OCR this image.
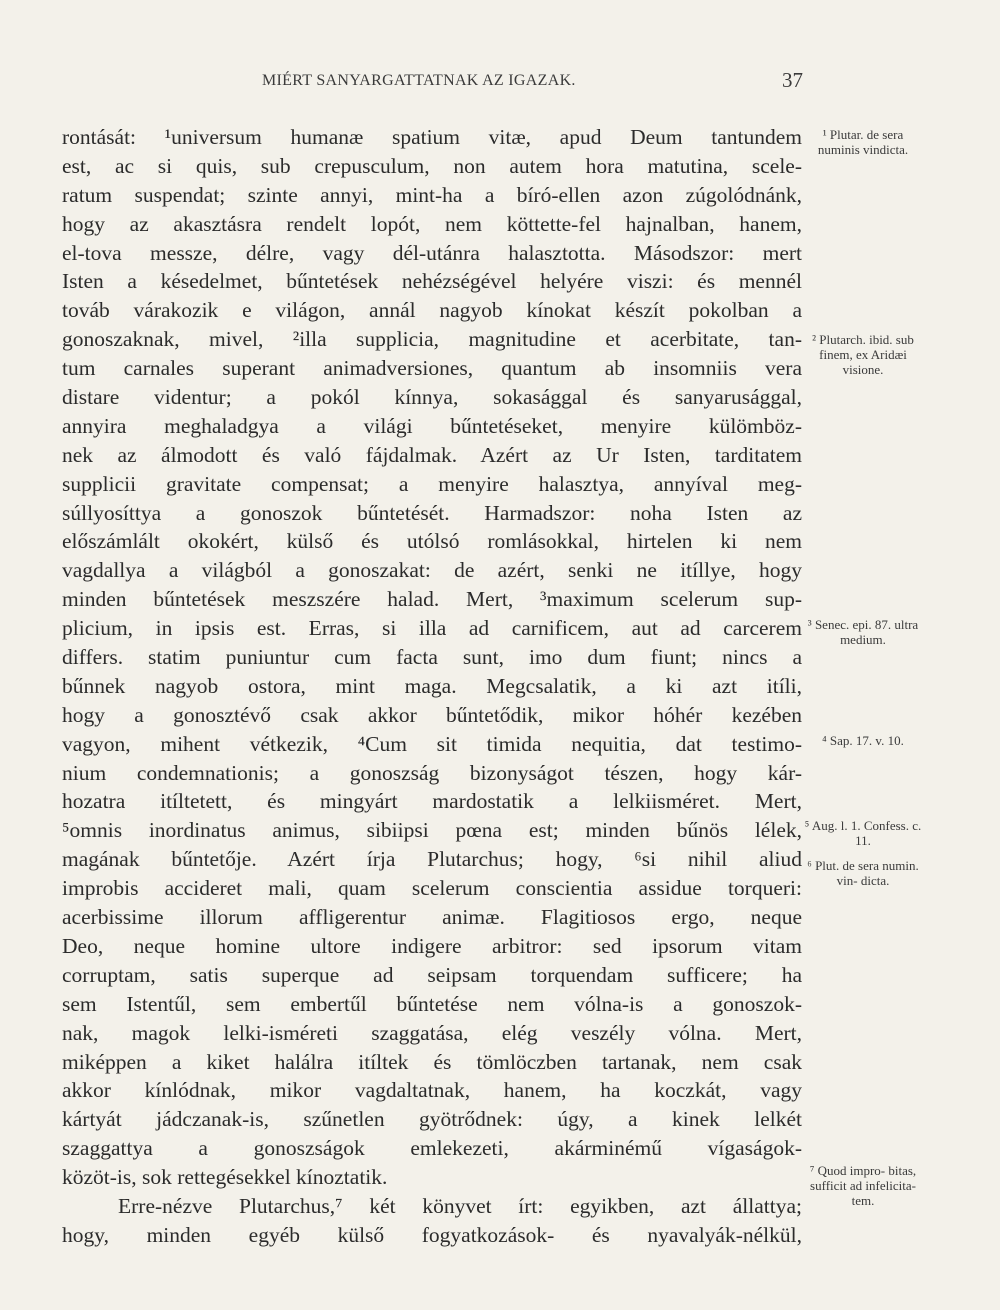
MIÉRT SANYARGATTATNAK AZ IGAZAK.	37
rontását: ¹universum humanæ spatium vitæ, apud Deum tantundem
est, ac si quis, sub crepusculum, non autem hora matutina, scele-
ratum suspendat; szinte annyi, mint-ha a bíró-ellen azon zúgolódnánk,
hogy az akasztásra rendelt lopót, nem köttette-fel hajnalban, hanem,
el-tova messze, délre, vagy dél-utánra halasztotta. Másodszor: mert
Isten a késedelmet, bűntetések nehézségével helyére viszi: és mennél
továb várakozik e világon, annál nagyob kínokat készít pokolban a
gonoszaknak, mivel, ²illa supplicia, magnitudine et acerbitate, tan-
tum carnales superant animadversiones, quantum ab insomniis vera
distare videntur; a pokól kínnya, sokasággal és sanyarusággal,
annyira meghaladgya a világi bűntetéseket, menyire külömböz-
nek az álmodott és való fájdalmak. Azért az Ur Isten, tarditatem
supplicii gravitate compensat; a menyire halasztya, annyíval meg-
súllyosíttya a gonoszok bűntetését. Harmadszor: noha Isten az
előszámlált okokért, külső és utólsó romlásokkal, hirtelen ki nem
vagdallya a világból a gonoszakat: de azért, senki ne itíllye, hogy
minden bűntetések meszszére halad. Mert, ³maximum scelerum sup-
plicium, in ipsis est. Erras, si illa ad carnificem, aut ad carcerem
differs. statim puniuntur cum facta sunt, imo dum fiunt; nincs a
bűnnek nagyob ostora, mint maga. Megcsalatik, a ki azt itíli,
hogy a gonosztévő csak akkor bűntetődik, mikor hóhér kezében
vagyon, mihent vétkezik, ⁴Cum sit timida nequitia, dat testimo-
nium condemnationis; a gonoszság bizonyságot tészen, hogy kár-
hozatra itíltetett, és mingyárt mardostatik a lelkiisméret. Mert,
⁵omnis inordinatus animus, sibiipsi pœna est; minden bűnös lélek,
magának bűntetője. Azért írja Plutarchus; hogy, ⁶si nihil aliud
improbis accideret mali, quam scelerum conscientia assidue torqueri:
acerbissime illorum affligerentur animæ. Flagitiosos ergo, neque
Deo, neque homine ultore indigere arbitror: sed ipsorum vitam
corruptam, satis superque ad seipsam torquendam sufficere; ha
sem Istentűl, sem embertűl bűntetése nem vólna-is a gonoszok-
nak, magok lelki-isméreti szaggatása, elég veszély vólna. Mert,
miképpen a kiket halálra itíltek és tömlöczben tartanak, nem csak
akkor kínlódnak, mikor vagdaltatnak, hanem, ha koczkát, vagy
kártyát jádczanak-is, szűnetlen gyötrődnek: úgy, a kinek lelkét
szaggattya a gonoszságok emlekezeti, akárminémű vígaságok-
közöt-is, sok rettegésekkel kínoztatik.
Erre-nézve Plutarchus,⁷ két könyvet írt: egyikben, azt állattya;
hogy, minden egyéb külső fogyatkozások- és nyavalyák-nélkül,
¹ Plutar. de sera numinis vindicta.
² Plutarch. ibid. sub finem, ex Aridæi visione.
³ Senec. epi. 87. ultra medium.
⁴ Sap. 17. v. 10.
⁵ Aug. l. 1. Confess. c. 11.
⁶ Plut. de sera numin. vin- dicta.
⁷ Quod impro- bitas, sufficit ad infelicita- tem.
